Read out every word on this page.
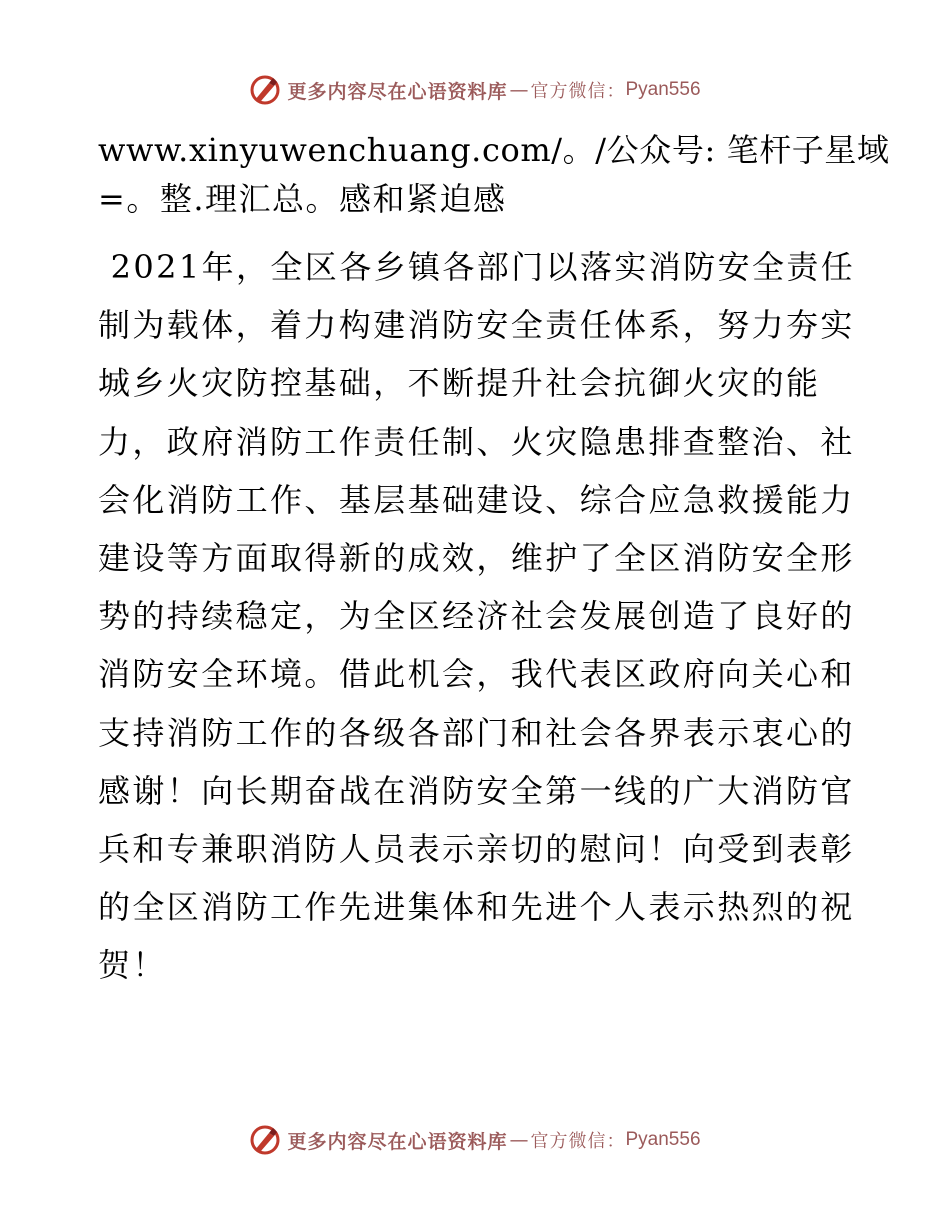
更多内容尽在心语资料库 — 官方微信： Pyan556
www.xinyuwenchuang.com/。/公众号: 笔杆子星域
=。整.理汇总。感和紧迫感
2021年，全区各乡镇各部门以落实消防安全责任
制为载体，着力构建消防安全责任体系，努力夯实
城乡火灾防控基础，不断提升社会抗御火灾的能
力，政府消防工作责任制、火灾隐患排查整治、社
会化消防工作、基层基础建设、综合应急救援能力
建设等方面取得新的成效，维护了全区消防安全形
势的持续稳定，为全区经济社会发展创造了良好的
消防安全环境。借此机会，我代表区政府向关心和
支持消防工作的各级各部门和社会各界表示衷心的
感谢！向长期奋战在消防安全第一线的广大消防官
兵和专兼职消防人员表示亲切的慰问！向受到表彰
的全区消防工作先进集体和先进个人表示热烈的祝
贺！
更多内容尽在心语资料库 — 官方微信： Pyan556
